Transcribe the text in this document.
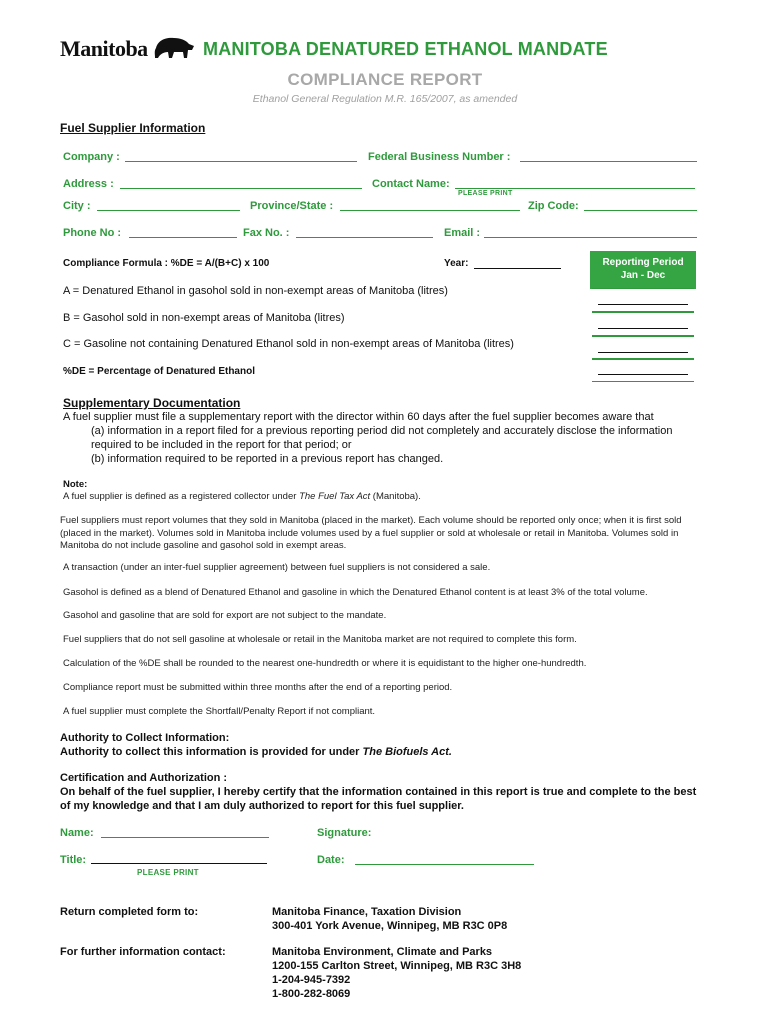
Manitoba	MANITOBA DENATURED ETHANOL MANDATE
COMPLIANCE REPORT
Ethanol General Regulation M.R. 165/2007, as amended
Fuel Supplier Information
Company :	Federal Business Number :
Address :	Contact Name:
PLEASE PRINT
City :	Province/State :	Zip Code:
Phone No :	Fax No. :	Email :
Compliance Formula : %DE = A/(B+C) x 100	Year:	Reporting Period
Jan - Dec
A = Denatured Ethanol in gasohol sold in non-exempt areas of Manitoba (litres)
B = Gasohol sold in non-exempt areas of Manitoba (litres)
C = Gasoline not containing Denatured Ethanol sold in non-exempt areas of Manitoba (litres)
%DE = Percentage of Denatured Ethanol
Supplementary Documentation
A fuel supplier must file a supplementary report with the director within 60 days after the fuel supplier becomes aware that
(a) information in a report filed for a previous reporting period did not completely and accurately disclose the information
required to be included in the report for that period; or
(b) information required to be reported in a previous report has changed.
Note:
A fuel supplier is defined as a registered collector under The Fuel Tax Act (Manitoba).
Fuel suppliers must report volumes that they sold in Manitoba (placed in the market). Each volume should be reported only once; when it is first sold
(placed in the market). Volumes sold in Manitoba include volumes used by a fuel supplier or sold at wholesale or retail in Manitoba. Volumes sold in
Manitoba do not include gasoline and gasohol sold in exempt areas.
A transaction (under an inter-fuel supplier agreement) between fuel suppliers is not considered a sale.
Gasohol is defined as a blend of Denatured Ethanol and gasoline in which the Denatured Ethanol content is at least 3% of the total volume.
Gasohol and gasoline that are sold for export are not subject to the mandate.
Fuel suppliers that do not sell gasoline at wholesale or retail in the Manitoba market are not required to complete this form.
Calculation of the %DE shall be rounded to the nearest one-hundredth or where it is equidistant to the higher one-hundredth.
Compliance report must be submitted within three months after the end of a reporting period.
A fuel supplier must complete the Shortfall/Penalty Report if not compliant.
Authority to Collect Information:
Authority to collect this information is provided for under The Biofuels Act.
Certification and Authorization :
On behalf of the fuel supplier, I hereby certify that the information contained in this report is true and complete to the best
of my knowledge and that I am duly authorized to report for this fuel supplier.
Name:	Signature:
Title:
PLEASE PRINT
Date:
Return completed form to:	Manitoba Finance, Taxation Division
300-401 York Avenue, Winnipeg, MB R3C 0P8
For further information contact:	Manitoba Environment, Climate and Parks
1200-155 Carlton Street, Winnipeg, MB R3C 3H8
1-204-945-7392
1-800-282-8069
